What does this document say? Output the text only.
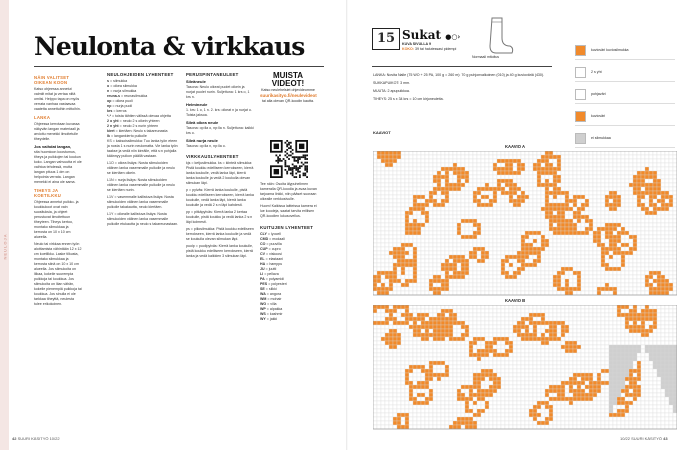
NEULOJA
Neulonta & virkkaus
NÄIN VALITSET OIKEAN KOON

Katso ohjeessa annetut valmiit mitat ja vertaa niitä omiisi. Helppo tapa on myös verrata vanhaa vastaavaa vaatetta annettuihin mittoihin.

LANKA

Ohjeessa kerrotaan kuvassa näkyvän langan materiaali ja arvioitu menekki ilmoitetulle tiheydelle.

Jos vaihdat langan,

sita huomioon koostumus, tiheys ja puikkojen tai koukun koko. Langan vahvuutta ei ole vaihtoa tehdessä, mutta langan pituus 1 dm on helpointa verrata. Langan menekki ei aina ole sama.

TIHEYS JA KOETILKKU

Ohjeessa annetut puikko- ja koukkukoot ovat vain suosituksia, ja ohjeet perustuvat ilmoitettuun tiheyteen. Tiheys kertoo, montako silmukkaa ja kerrosta on 10 x 10 cm alueella.

Neulo tai virkkaa ennen työn aloittamista vähintään 12 x 12 cm koetilkku. Laske tilkusta, montako silmukkaa ja kerrosta siinä on 10 x 10 cm alueella. Jos silmukoita on liikaa, kokeile suurempia puikkoja tai koukkua. Jos silmukoita on liian vähän, kokeile pienempiä puikkoja tai koukkua. Jos sinulla ei ole tarkkaa tiheyttä, neulesta tulee erikokoinen.

NEULOHJEIDEN LYHENTEET
s = silmukka
o = oikea silmukka
n = nurja silmukka
reuna-s = reunasilmukka
op = oikea puoli
np = nurja puoli
krs = kerros
*-* = toista tähtien välissä olevaa ohjetta
2 o yht = neulo 2 s oikein yhteen
2 n yht = neulo 2 s nurin yhteen
kiert = kiertäen: Neulo s takareunasta
lk = langankierto puikolle

KS = kaksoissilmukka: Tuo lanka työn eteen ja nosta 1 s nurin neulomatta. Vie lanka työn taakse ja vedä niin kireälle, että s:n pohjalla käännyy puikon päällä vastaan.

L1O = oikea lisäys: Nosta silmukoiden välinen lanka vasemmalle puikolle ja neulo se kiertäen oikein.

L1N = nurja lisäys: Nosta silmukoiden välinen lanka vasemmalle puikolle ja neulo se kiertäen nurin.

L1V = vasemmalle kallistuva lisäys: Nosta silmukoiden välinen lanka vasemmalle puikolle takakautta, neulo kiertäen.

L1Y = oikealle kallistuva lisäys: Nosta silmukoiden välinen lanka vasemmalle puikolle etukautta ja neulo s takareunastaan.

PERUSPINTANEULEET
Sileäneule

Tasona: Neulo oikeat puolet oikein ja nurjat puolet nurin. Suljettuna: 1 krs o, 1 krs n.

Helmineule

1. krs: 1 o, 1 n. 2. krs: oikeat n ja nurjat o. Toista jaksoa.

Sileä oikea neule

Tasona: op:lla o, np:lla n. Suljettuna: kaikki krs o.

Sileä nurja neule

Tasona: op:lla n, np:lla o.

VIRKKAUSLYHENTEET

kjs = ketjusilmukka. ks = kiinteä silmukka: Pistä koukku edelliseen kerrokseen, kierrä lanka koukulle, vedä lanka läpi, kierrä lanka koukulle ja vedä 2 koukulla olevan silmukan läpi.

p = pylväs: Kierrä lanka koukulle, pistä koukku edelliseen kerrokseen, kierrä lanka koukulle, vedä lanka läpi, kierrä lanka koukulle ja vedä 2 s:n läpi kahdesti.

pp = pitkäpylväs: Kierrä lanka 2 kertaa koukulle, pistä koukku ja vedä lanka 2 s:n läpi kolmesti.

ps = piilosilmukka: Pistä koukku edelliseen kerrokseen, kierrä lanka koukulle ja vedä se koukulla olevan silmukan läpi.

puolp = puolipylväs: Kierrä lanka koukulle, pistä koukku edelliseen kerrokseen, kierrä lanka ja vedä kaikkien 3 silmukan läpi.

MUISTA VIDEOT!
Katso neulehelsiet ohjevideomme
suurikasityo.fi/neulevideot
tai alla olevan QR-koodin kautta.

Tee näin: Osoita älypuhelimen kameralla QR-koodia ja avaa kuvan tarjoama linkki, niin pääset suoraan oikealle verkkosivulle.

Huom! Kaikissa laitteissa kamera ei lue koodeja, saatat tarvita erillisen QR-koodien lukusovellus.

KUITUJEN LYHENTEET
CLY = lyocell
CMD = modaali
CO = puuvilla
CUP = cupro
CV = viskoosi
EL = elastaani
HA = hamppu
JU = juutti
LI = pellava
PA = polyamidi
PES = polyesteri
SE = silkki
WA = angora
WM = mohair
WO = villa
WP = alpakka
WS = kashmir
WY = jakki
42 SUURI KÄSITYÖ 10/22
15 Sukat ●○›
KUVA SIVULLA 9
KOKO: 39 tai halutessasi pidempi
Normaali mitoitus

LANKA: Novita Nalle (75 WO + 25 PA, 100 g = 260 m): 70 g puhjonvalkoinen (010) ja 40 g kuvioväriä (430).

SUKKAPUIKOT: 3 mm.

MUUTA: 2 apupuikkoa.

TIHEYS: 25 s x 34 krs = 10 cm kirjoneuletta.

KAAVIOT
kuvioväri kuviosilmukka
2 s yht
pohjaväri
kuvioväri
ei silmukkaa
KAAVIO A
KAAVIO B
10/22 SUURI KÄSITYÖ 43
